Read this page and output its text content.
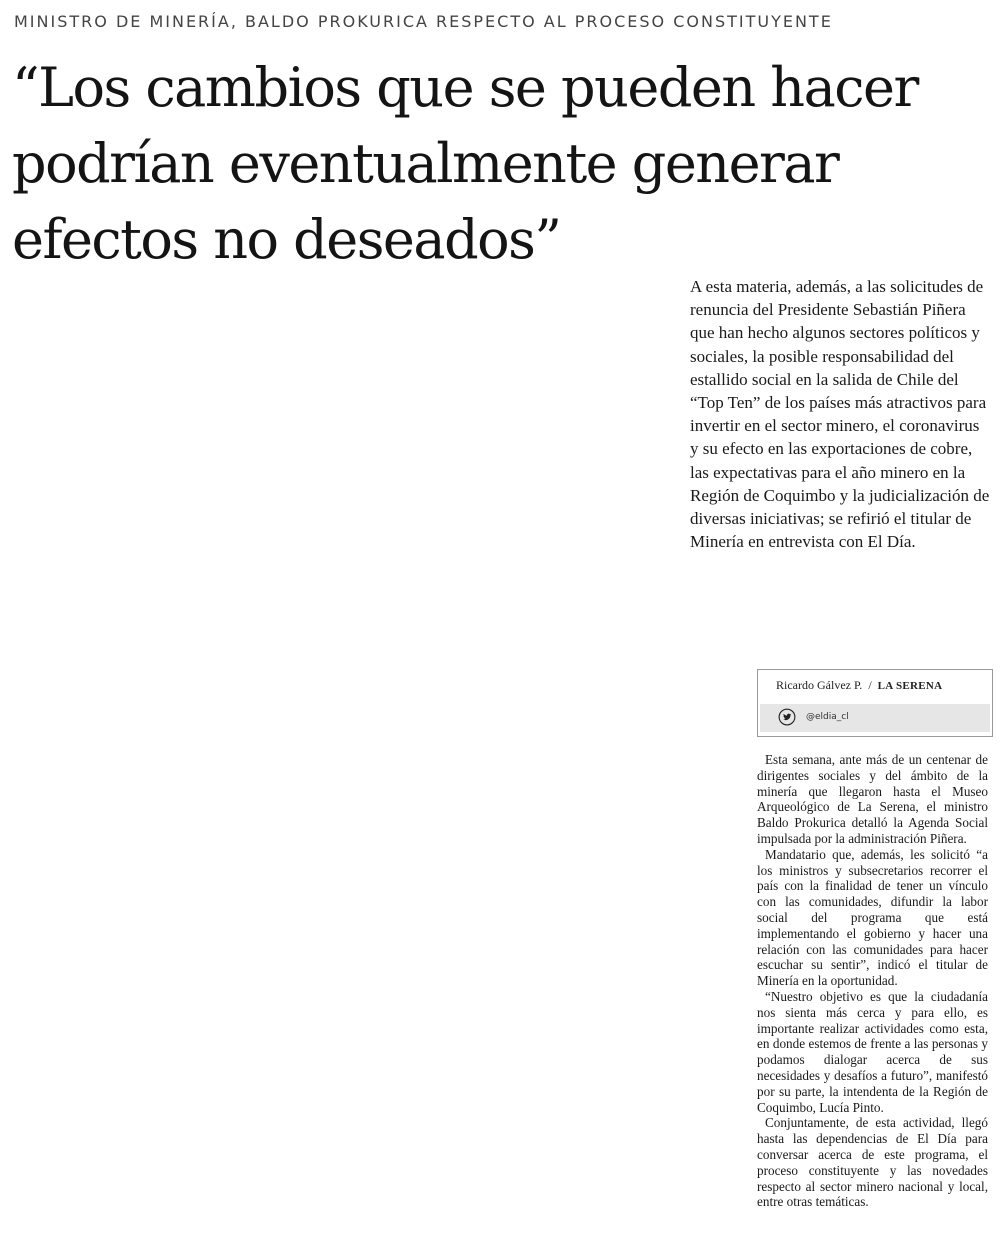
MINISTRO DE MINERÍA, BALDO PROKURICA RESPECTO AL PROCESO CONSTITUYENTE
“Los cambios que se pueden hacer podrían eventualmente generar efectos no deseados”

A esta materia, además, a las solicitudes de renuncia del Presidente Sebastián Piñera que han hecho algunos sectores políticos y sociales, la posible responsabilidad del estallido social en la salida de Chile del “Top Ten” de los países más atractivos para invertir en el sector minero, el coronavirus y su efecto en las exportaciones de cobre, las expectativas para el año minero en la Región de Coquimbo y la judicialización de diversas iniciativas; se refirió el titular de Minería en entrevista con El Día.

Ricardo Gálvez P. / LA SERENA
@eldia_cl

Esta semana, ante más de un centenar de dirigentes sociales y del ámbito de la minería que llegaron hasta el Museo Arqueológico de La Serena, el ministro Baldo Prokurica detalló la Agenda Social impulsada por la administración Piñera.

Mandatario que, además, les solicitó “a los ministros y subsecretarios recorrer el país con la finalidad de tener un vínculo con las comunidades, difundir la labor social del programa que está implementando el gobierno y hacer una relación con las comunidades para hacer escuchar su sentir”, indicó el titular de Minería en la oportunidad.

“Nuestro objetivo es que la ciudadanía nos sienta más cerca y para ello, es importante realizar actividades como esta, en donde estemos de frente a las personas y podamos dialogar acerca de sus necesidades y desafíos a futuro”, manifestó por su parte, la intendenta de la Región de Coquimbo, Lucía Pinto.

Conjuntamente, de esta actividad, llegó hasta las dependencias de El Día para conversar acerca de este programa, el proceso constituyente y las novedades respecto al sector minero nacional y local, entre otras temáticas.
